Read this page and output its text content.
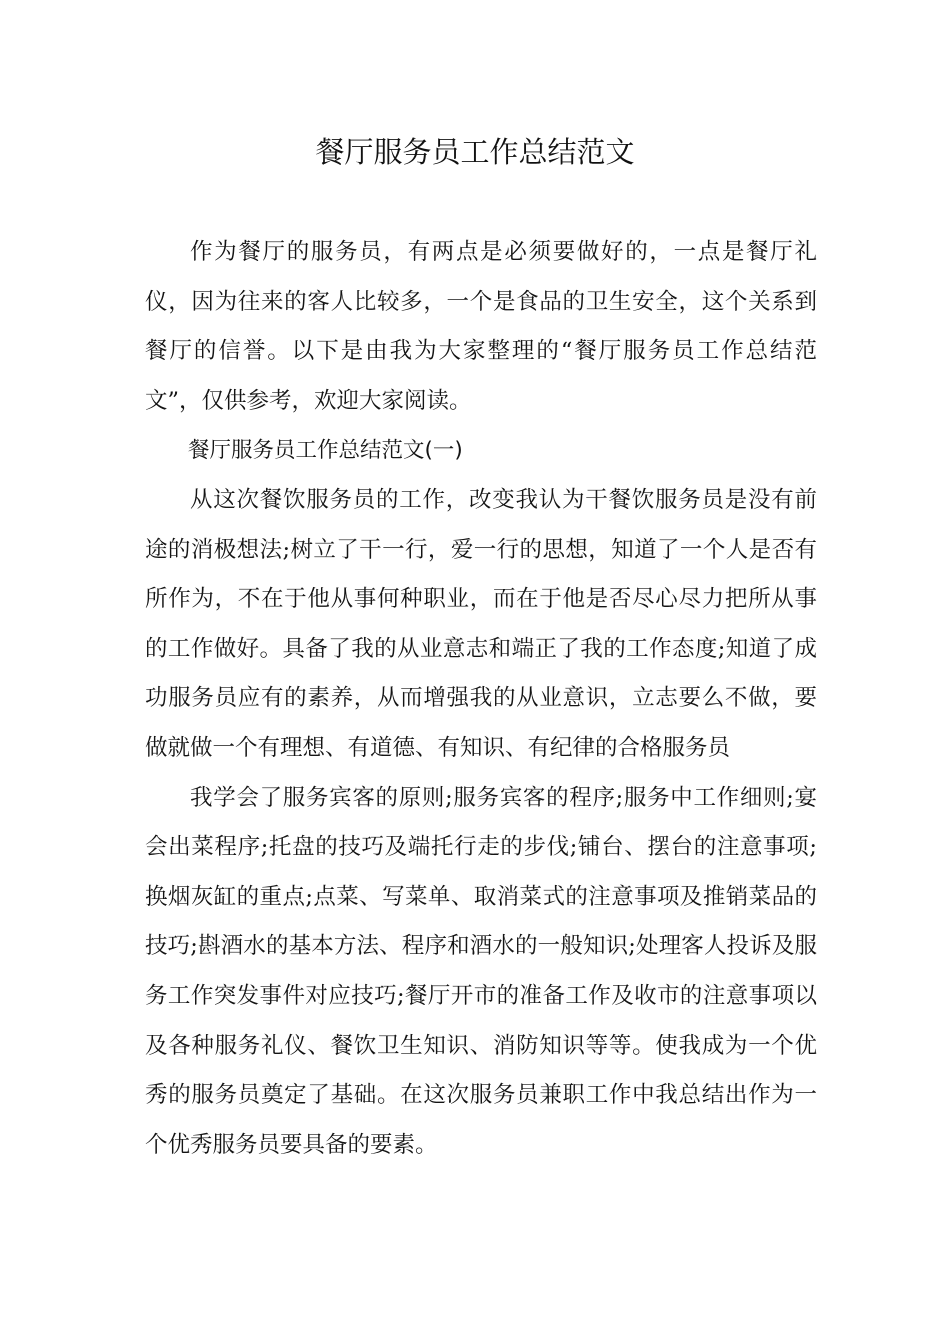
餐厅服务员工作总结范文

作为餐厅的服务员，有两点是必须要做好的，一点是餐厅礼仪，因为往来的客人比较多，一个是食品的卫生安全，这个关系到餐厅的信誉。以下是由我为大家整理的“餐厅服务员工作总结范文”，仅供参考，欢迎大家阅读。

餐厅服务员工作总结范文(一)

从这次餐饮服务员的工作，改变我认为干餐饮服务员是没有前途的消极想法;树立了干一行，爱一行的思想，知道了一个人是否有所作为，不在于他从事何种职业，而在于他是否尽心尽力把所从事的工作做好。具备了我的从业意志和端正了我的工作态度;知道了成功服务员应有的素养，从而增强我的从业意识，立志要么不做，要做就做一个有理想、有道德、有知识、有纪律的合格服务员

我学会了服务宾客的原则;服务宾客的程序;服务中工作细则;宴会出菜程序;托盘的技巧及端托行走的步伐;铺台、摆台的注意事项;换烟灰缸的重点;点菜、写菜单、取消菜式的注意事项及推销菜品的技巧;斟酒水的基本方法、程序和酒水的一般知识;处理客人投诉及服务工作突发事件对应技巧;餐厅开市的准备工作及收市的注意事项以及各种服务礼仪、餐饮卫生知识、消防知识等等。使我成为一个优秀的服务员奠定了基础。在这次服务员兼职工作中我总结出作为一个优秀服务员要具备的要素。
